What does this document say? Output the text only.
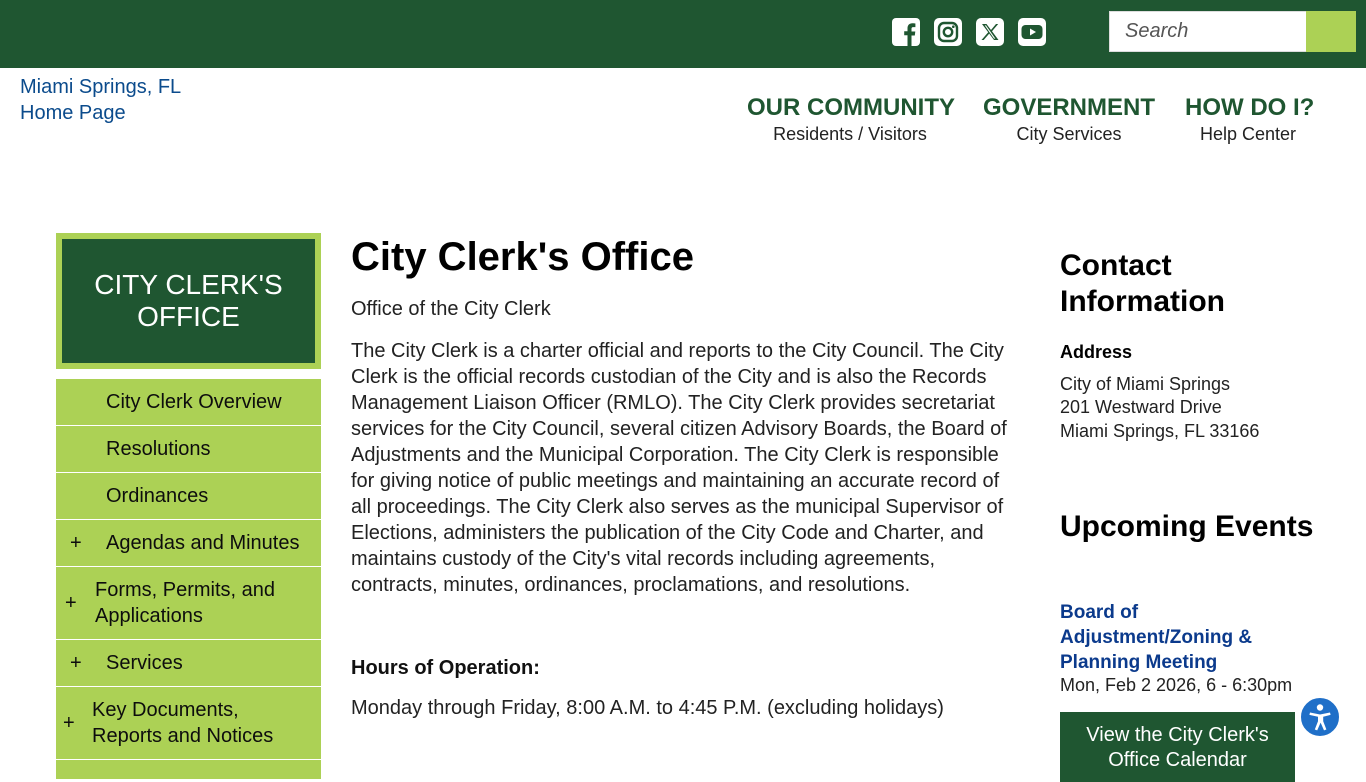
Search
Miami Springs, FL Home Page	OUR COMMUNITY
Residents / Visitors
GOVERNMENT
City Services
HOW DO I?
Help Center
CITY CLERK'S OFFICE
City Clerk Overview
Resolutions
Ordinances
+ Agendas and Minutes
+
Forms, Permits, and Applications
+ Services
+
Key Documents, Reports and Notices
City Clerk's Office
Office of the City Clerk

The City Clerk is a charter official and reports to the City Council. The City Clerk is the official records custodian of the City and is also the Records Management Liaison Officer (RMLO). The City Clerk provides secretariat services for the City Council, several citizen Advisory Boards, the Board of Adjustments and the Municipal Corporation. The City Clerk is responsible for giving notice of public meetings and maintaining an accurate record of all proceedings. The City Clerk also serves as the municipal Supervisor of Elections, administers the publication of the City Code and Charter, and maintains custody of the City's vital records including agreements, contracts, minutes, ordinances, proclamations, and resolutions.

Hours of Operation:
Monday through Friday, 8:00 A.M. to 4:45 P.M. (excluding holidays)
Contact Information
Address
City of Miami Springs
201 Westward Drive
Miami Springs, FL 33166
Upcoming Events
Board of Adjustment/Zoning & Planning Meeting
Mon, Feb 2 2026, 6 - 6:30pm
View the City Clerk's Office Calendar
